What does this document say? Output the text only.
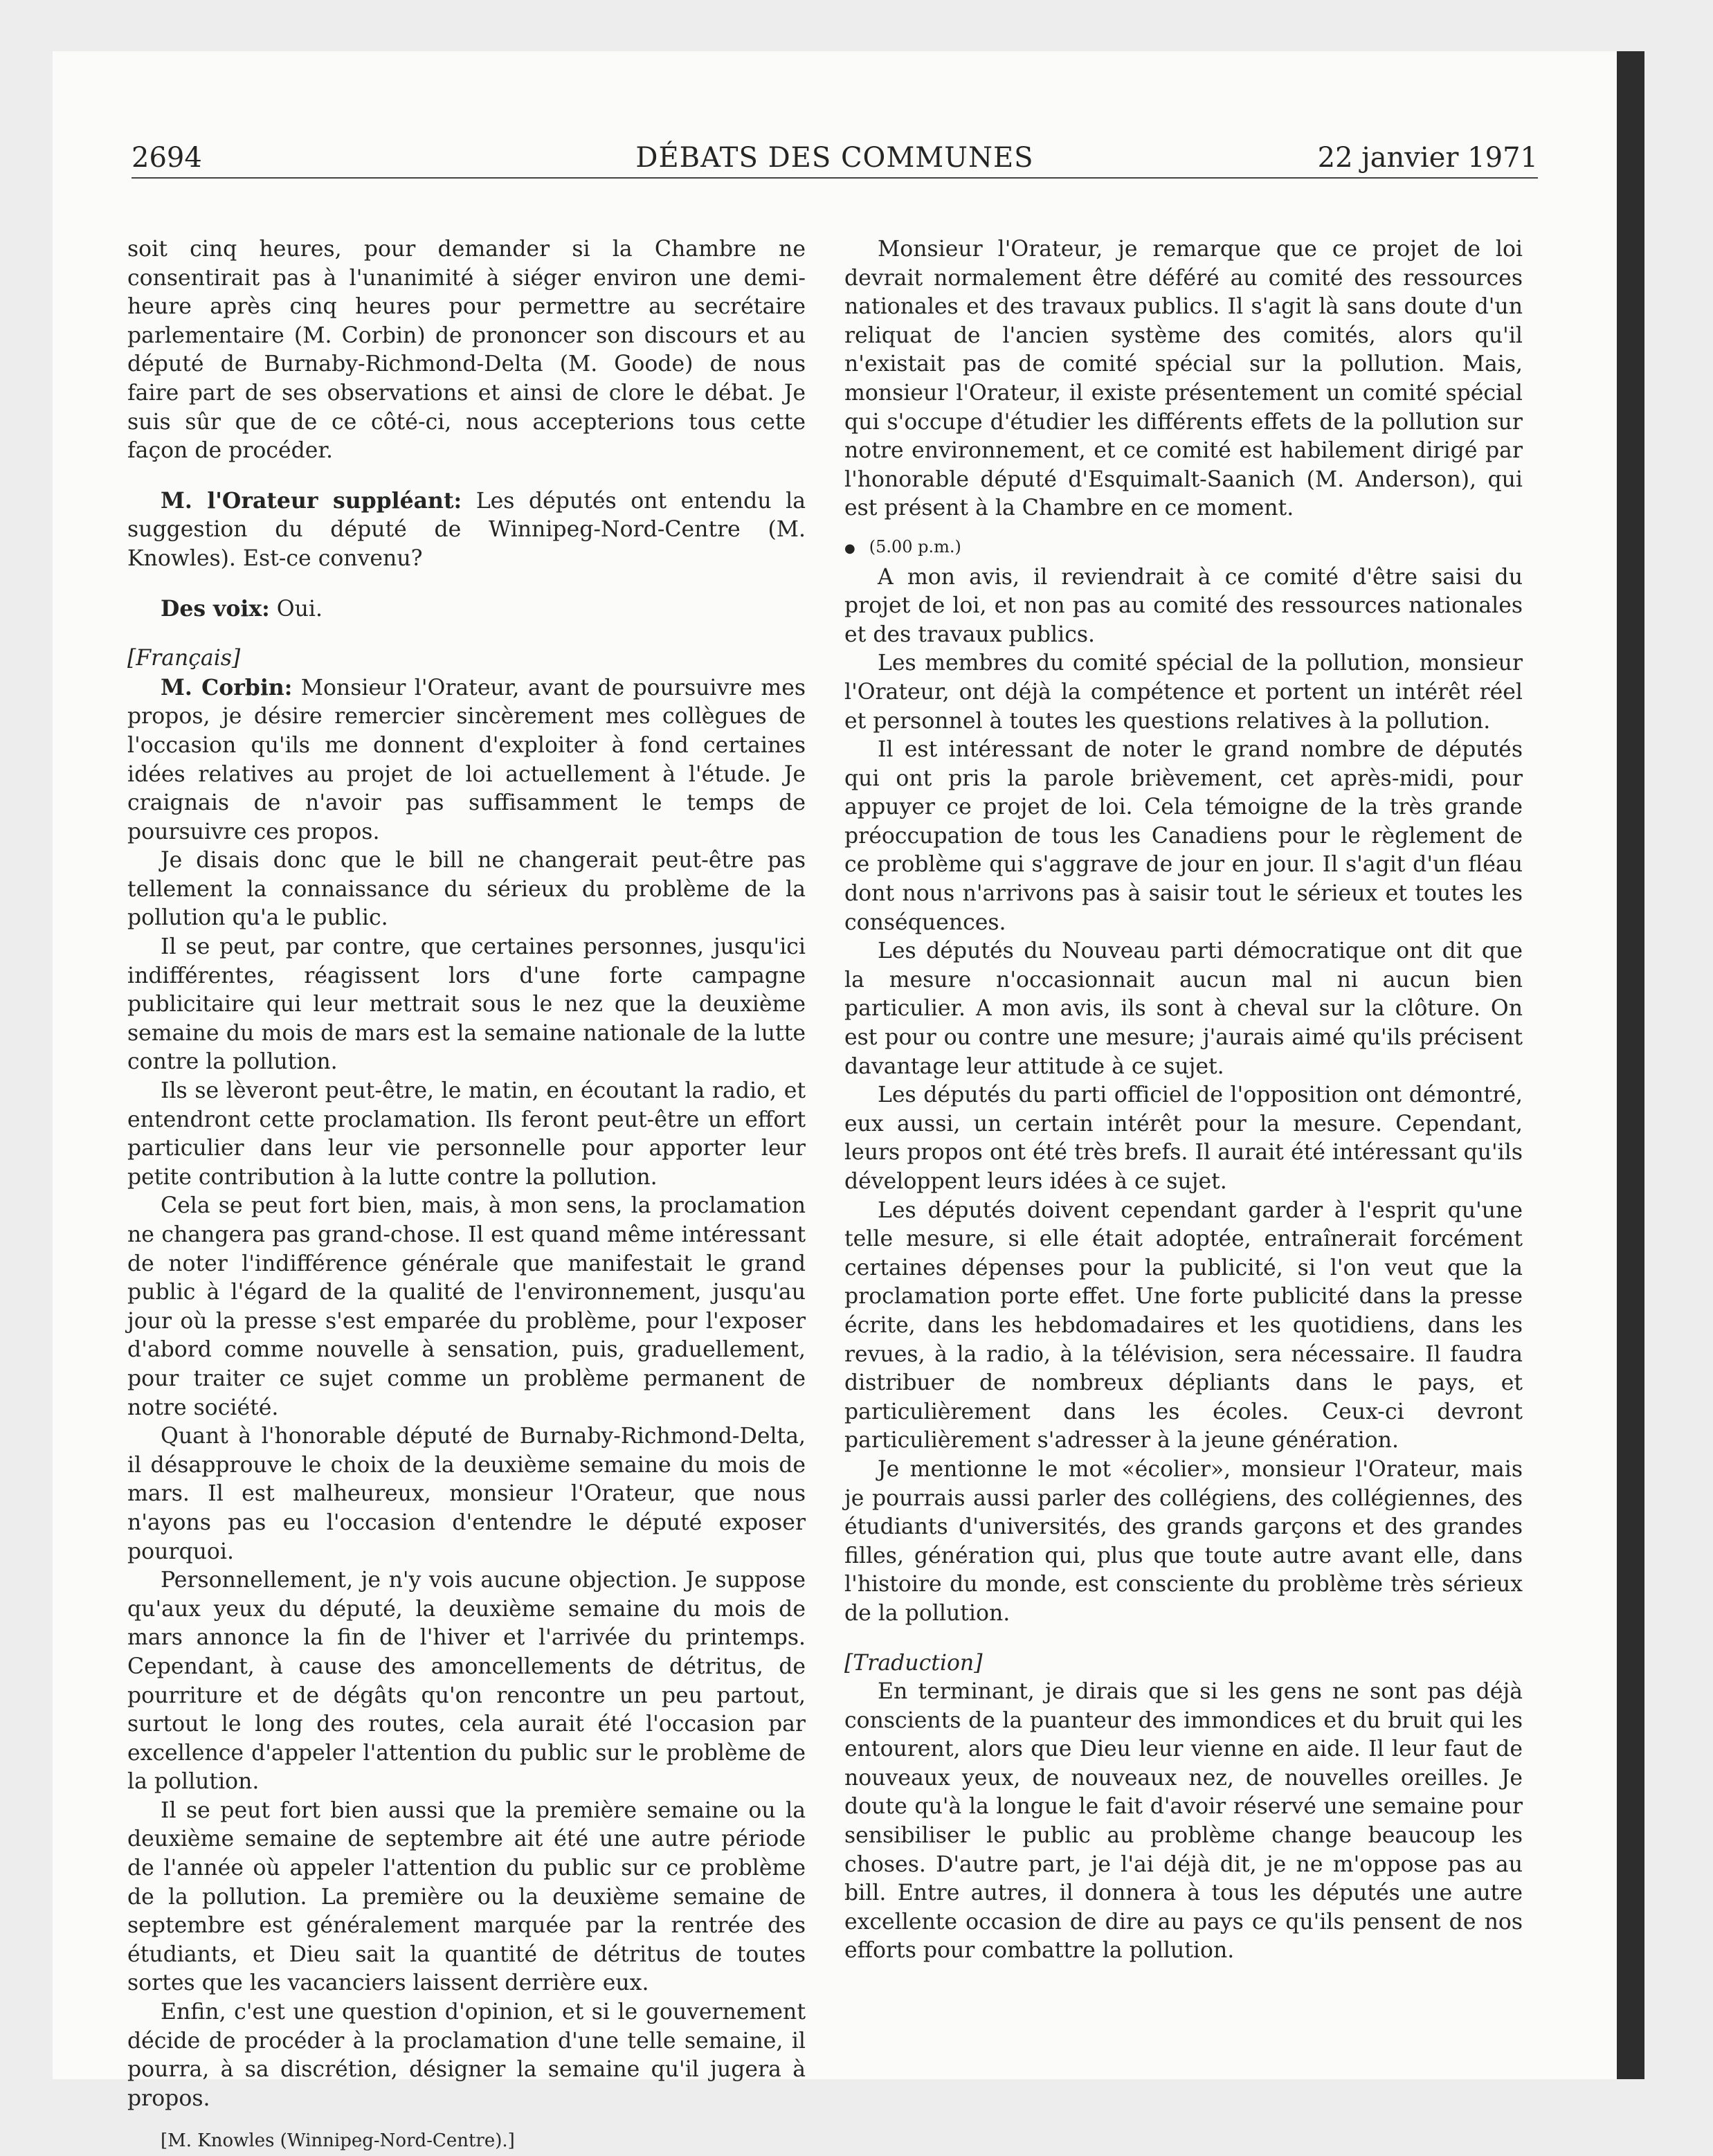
2694	DÉBATS DES COMMUNES	22 janvier 1971

soit cinq heures, pour demander si la Chambre ne consentirait pas à l'unanimité à siéger environ une demi-heure après cinq heures pour permettre au secrétaire parlementaire (M. Corbin) de prononcer son discours et au député de Burnaby-Richmond-Delta (M. Goode) de nous faire part de ses observations et ainsi de clore le débat. Je suis sûr que de ce côté-ci, nous accepterions tous cette façon de procéder.

M. l'Orateur suppléant: Les députés ont entendu la suggestion du député de Winnipeg-Nord-Centre (M. Knowles). Est-ce convenu?

Des voix: Oui.

[Français]

M. Corbin: Monsieur l'Orateur, avant de poursuivre mes propos, je désire remercier sincèrement mes collègues de l'occasion qu'ils me donnent d'exploiter à fond certaines idées relatives au projet de loi actuellement à l'étude. Je craignais de n'avoir pas suffisamment le temps de poursuivre ces propos.

Je disais donc que le bill ne changerait peut-être pas tellement la connaissance du sérieux du problème de la pollution qu'a le public.

Il se peut, par contre, que certaines personnes, jusqu'ici indifférentes, réagissent lors d'une forte campagne publicitaire qui leur mettrait sous le nez que la deuxième semaine du mois de mars est la semaine nationale de la lutte contre la pollution.

Ils se lèveront peut-être, le matin, en écoutant la radio, et entendront cette proclamation. Ils feront peut-être un effort particulier dans leur vie personnelle pour apporter leur petite contribution à la lutte contre la pollution.

Cela se peut fort bien, mais, à mon sens, la proclamation ne changera pas grand-chose. Il est quand même intéressant de noter l'indifférence générale que manifestait le grand public à l'égard de la qualité de l'environnement, jusqu'au jour où la presse s'est emparée du problème, pour l'exposer d'abord comme nouvelle à sensation, puis, graduellement, pour traiter ce sujet comme un problème permanent de notre société.

Quant à l'honorable député de Burnaby-Richmond-Delta, il désapprouve le choix de la deuxième semaine du mois de mars. Il est malheureux, monsieur l'Orateur, que nous n'ayons pas eu l'occasion d'entendre le député exposer pourquoi.

Personnellement, je n'y vois aucune objection. Je suppose qu'aux yeux du député, la deuxième semaine du mois de mars annonce la fin de l'hiver et l'arrivée du printemps. Cependant, à cause des amoncellements de détritus, de pourriture et de dégâts qu'on rencontre un peu partout, surtout le long des routes, cela aurait été l'occasion par excellence d'appeler l'attention du public sur le problème de la pollution.

Il se peut fort bien aussi que la première semaine ou la deuxième semaine de septembre ait été une autre période de l'année où appeler l'attention du public sur ce problème de la pollution. La première ou la deuxième semaine de septembre est généralement marquée par la rentrée des étudiants, et Dieu sait la quantité de détritus de toutes sortes que les vacanciers laissent derrière eux.

Enfin, c'est une question d'opinion, et si le gouvernement décide de procéder à la proclamation d'une telle semaine, il pourra, à sa discrétion, désigner la semaine qu'il jugera à propos.

[M. Knowles (Winnipeg-Nord-Centre).]

Monsieur l'Orateur, je remarque que ce projet de loi devrait normalement être déféré au comité des ressources nationales et des travaux publics. Il s'agit là sans doute d'un reliquat de l'ancien système des comités, alors qu'il n'existait pas de comité spécial sur la pollution. Mais, monsieur l'Orateur, il existe présentement un comité spécial qui s'occupe d'étudier les différents effets de la pollution sur notre environnement, et ce comité est habilement dirigé par l'honorable député d'Esquimalt-Saanich (M. Anderson), qui est présent à la Chambre en ce moment.

● (5.00 p.m.)

A mon avis, il reviendrait à ce comité d'être saisi du projet de loi, et non pas au comité des ressources nationales et des travaux publics.

Les membres du comité spécial de la pollution, monsieur l'Orateur, ont déjà la compétence et portent un intérêt réel et personnel à toutes les questions relatives à la pollution.

Il est intéressant de noter le grand nombre de députés qui ont pris la parole brièvement, cet après-midi, pour appuyer ce projet de loi. Cela témoigne de la très grande préoccupation de tous les Canadiens pour le règlement de ce problème qui s'aggrave de jour en jour. Il s'agit d'un fléau dont nous n'arrivons pas à saisir tout le sérieux et toutes les conséquences.

Les députés du Nouveau parti démocratique ont dit que la mesure n'occasionnait aucun mal ni aucun bien particulier. A mon avis, ils sont à cheval sur la clôture. On est pour ou contre une mesure; j'aurais aimé qu'ils précisent davantage leur attitude à ce sujet.

Les députés du parti officiel de l'opposition ont démontré, eux aussi, un certain intérêt pour la mesure. Cependant, leurs propos ont été très brefs. Il aurait été intéressant qu'ils développent leurs idées à ce sujet.

Les députés doivent cependant garder à l'esprit qu'une telle mesure, si elle était adoptée, entraînerait forcément certaines dépenses pour la publicité, si l'on veut que la proclamation porte effet. Une forte publicité dans la presse écrite, dans les hebdomadaires et les quotidiens, dans les revues, à la radio, à la télévision, sera nécessaire. Il faudra distribuer de nombreux dépliants dans le pays, et particulièrement dans les écoles. Ceux-ci devront particulièrement s'adresser à la jeune génération.

Je mentionne le mot «écolier», monsieur l'Orateur, mais je pourrais aussi parler des collégiens, des collégiennes, des étudiants d'universités, des grands garçons et des grandes filles, génération qui, plus que toute autre avant elle, dans l'histoire du monde, est consciente du problème très sérieux de la pollution.

[Traduction]

En terminant, je dirais que si les gens ne sont pas déjà conscients de la puanteur des immondices et du bruit qui les entourent, alors que Dieu leur vienne en aide. Il leur faut de nouveaux yeux, de nouveaux nez, de nouvelles oreilles. Je doute qu'à la longue le fait d'avoir réservé une semaine pour sensibiliser le public au problème change beaucoup les choses. D'autre part, je l'ai déjà dit, je ne m'oppose pas au bill. Entre autres, il donnera à tous les députés une autre excellente occasion de dire au pays ce qu'ils pensent de nos efforts pour combattre la pollution.
